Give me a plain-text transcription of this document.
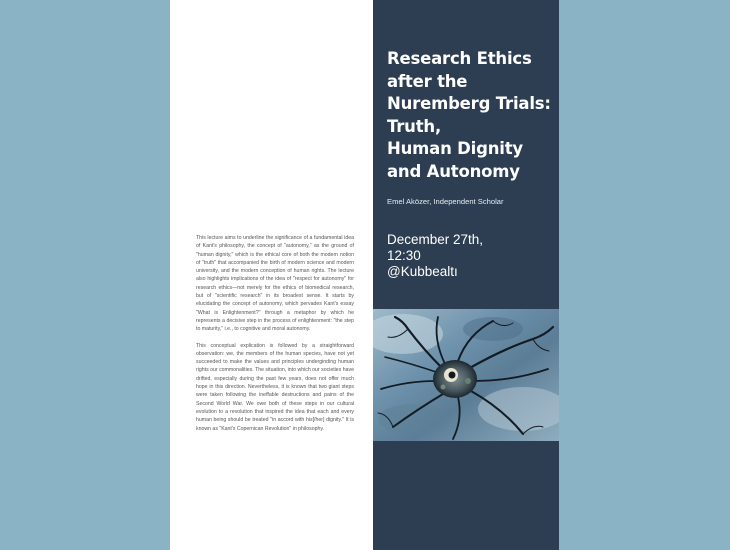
This lecture aims to underline the significance of a fundamental idea of Kant's philosophy, the concept of "autonomy," as the ground of "human dignity," which is the ethical core of both the modern notion of "truth" that accompanied the birth of modern science and modern university, and the modern conception of human rights. The lecture also highlights implications of the idea of "respect for autonomy" for research ethics—not merely for the ethics of biomedical research, but of "scientific research" in its broadest sense. It starts by elucidating the concept of autonomy, which pervades Kant's essay "What is Enlightenment?" through a metaphor by which he represents a decisive step in the process of enlightenment: "the step to maturity," i.e., to cognitive and moral autonomy.

This conceptual explication is followed by a straightforward observation: we, the members of the human species, have not yet succeeded to make the values and principles underginding human rights our commonalities. The situation, into which our societies have drifted, especially during the past few years, does not offer much hope in this direction. Nevertheless, it is known that two giant steps were taken following the ineffable destructions and pains of the Second World War. We owe both of these steps in our cultural evolution to a revolution that inspired the idea that each and every human being should be treated "in accord with his[/her] dignity." It is known as "Kant's Copernican Revolution" in philosophy.

Research Ethics
after the
Nuremberg Trials:
Truth,
Human Dignity
and Autonomy
Emel Aközer, Independent Scholar
December 27th,
12:30
@Kubbealtı
